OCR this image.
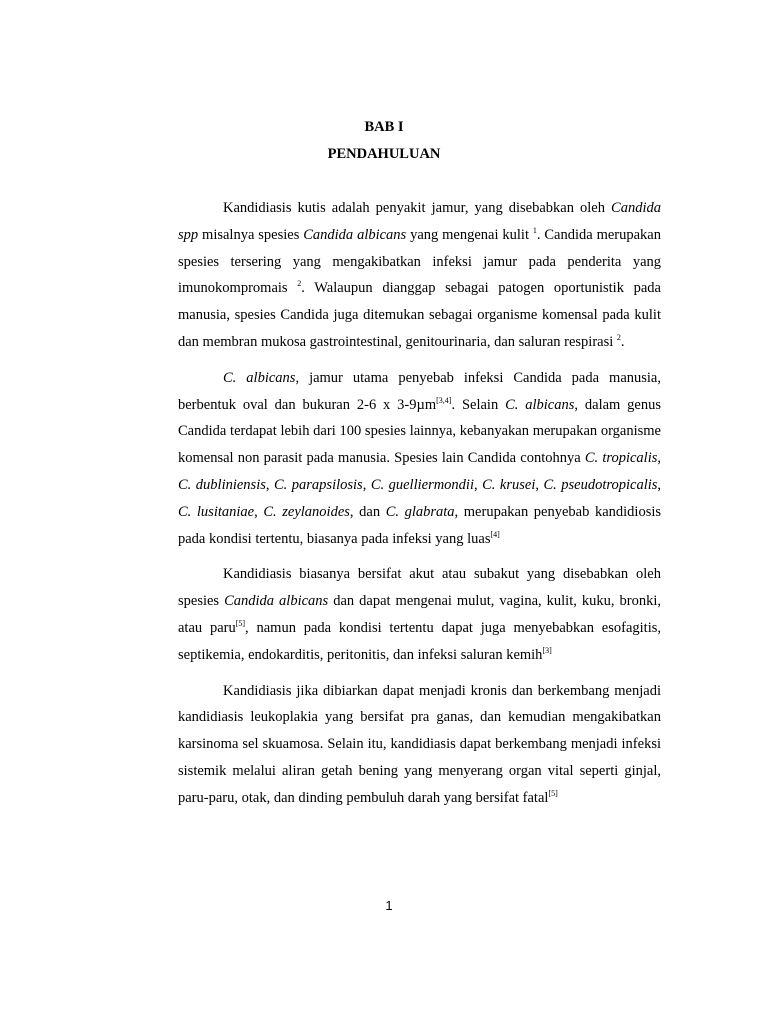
BAB I
PENDAHULUAN

Kandidiasis kutis adalah penyakit jamur, yang disebabkan oleh Candida spp misalnya spesies Candida albicans yang mengenai kulit $^1$. Candida merupakan spesies tersering yang mengakibatkan infeksi jamur pada penderita yang imunokompromais $^2$. Walaupun dianggap sebagai patogen oportunistik pada manusia, spesies Candida juga ditemukan sebagai organisme komensal pada kulit dan membran mukosa gastrointestinal, genitourinaria, dan saluran respirasi $^2$.

C. albicans, jamur utama penyebab infeksi Candida pada manusia, berbentuk oval dan bukuran 2-6 x 3-9µm[3,4]. Selain C. albicans, dalam genus Candida terdapat lebih dari 100 spesies lainnya, kebanyakan merupakan organisme komensal non parasit pada manusia. Spesies lain Candida contohnya C. tropicalis, C. dubliniensis, C. parapsilosis, C. guelliermondii, C. krusei, C. pseudotropicalis, C. lusitaniae, C. zeylanoides, dan C. glabrata, merupakan penyebab kandidiosis pada kondisi tertentu, biasanya pada infeksi yang luas[4]

Kandidiasis biasanya bersifat akut atau subakut yang disebabkan oleh spesies Candida albicans dan dapat mengenai mulut, vagina, kulit, kuku, bronki, atau paru[5], namun pada kondisi tertentu dapat juga menyebabkan esofagitis, septikemia, endokarditis, peritonitis, dan infeksi saluran kemih[3]

Kandidiasis jika dibiarkan dapat menjadi kronis dan berkembang menjadi kandidiasis leukoplakia yang bersifat pra ganas, dan kemudian mengakibatkan karsinoma sel skuamosa. Selain itu, kandidiasis dapat berkembang menjadi infeksi sistemik melalui aliran getah bening yang menyerang organ vital seperti ginjal, paru-paru, otak, dan dinding pembuluh darah yang bersifat fatal[5]

1
